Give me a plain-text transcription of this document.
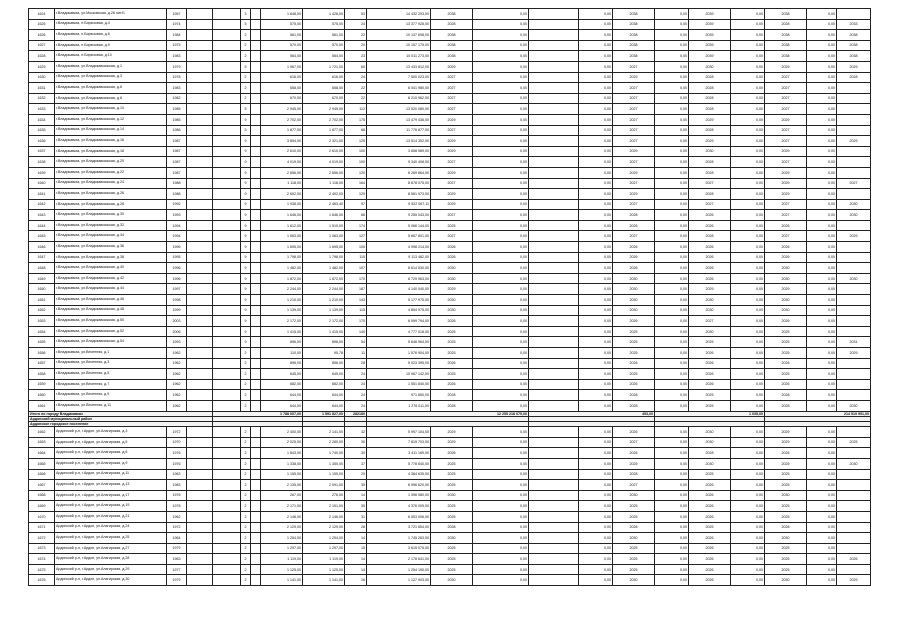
1624	г.Владикавказ, ул.Московская, д.26 лит.Б	1957			3		1 648,00	1 426,00	53	14 432 293,00	2038	0,00		0,00	2038	0,00	2039	0,00	2038	0,00	
1625	г.Владикавказ, п.Бирюзовая, д.4	1974			5		575,00	575,00	24	13 377 928,00	2028	0,00		0,00	2038	0,00	2039	0,00	2028	0,00	2033
1626	г.Владикавказ, п.Бирюзовая, д.6	1984			2		561,00	561,00	22	10 137 698,00	2038	0,00		0,00	2038	0,00	2039	0,00	2038	0,00	2038
1627	г.Владикавказ, п.Бирюзовая, д.9	1975			2		570,00	570,00	20	10 157 175,00	2038	0,00		0,00	2038	0,00	2039	0,00	2038	0,00	2038
1628	г.Владикавказ, п.Бирюзовая, д.10	1983			2		564,00	564,00	23	10 011 273,00	2038	0,00		0,00	2038	0,00	2039	0,00	2038	0,00	2038
1629	г.Владикавказ, ул.Владикавказская, д.1	1979			5		1 967,00	1 721,00	60	13 433 812,00	2029	0,00		0,00	2027	0,00	2030	0,00	2029	0,00	2029
1630	г.Владикавказ, ул.Владикавказская, д.3	1978			2		616,00	616,00	24	7 500 023,00	2027	0,00		0,00	2029	0,00	2028	0,00	2027	0,00	2028
1631	г.Владикавказ, ул.Владикавказская, д.6	1983			2		658,00	658,00	22	6 041 980,00	2027	0,00		0,00	2027	0,00	2028	0,00	2027	0,00	
1632	г.Владикавказ, ул.Владикавказская, д.8	1982			2		670,00	670,00	22	6 210 962,00	2027	0,00		0,00	2027	0,00	2028	0,00	2027	0,00	
1633	г.Владикавказ, ул.Владикавказская, д.10	1985			5		2 945,00	2 945,00	112	13 520 080,00	2027	0,00		0,00	2027	0,00	2028	0,00	2027	0,00	
1634	г.Владикавказ, ул.Владикавказская, д.12	1985			9		2 702,00	2 702,00	175	13 479 436,00	2029	0,00		0,00	2027	0,00	2029	0,00	2029	0,00	
1635	г.Владикавказ, ул.Владикавказская, д.14	1986			5		1 877,00	1 877,00	68	11 776 877,00	2027	0,00		0,00	2027	0,00	2028	0,00	2027	0,00	
1636	г.Владикавказ, ул.Владикавказская, д.16	1987			9		3 894,00	2 321,00	125	13 514 352,00	2029	0,00		0,00	2027	0,00	2029	0,00	2027	0,00	2029
1637	г.Владикавказ, ул.Владикавказская, д.18	1987			9		2 610,00	2 610,00	100	3 658 989,00	2029	0,00		0,00	2029	0,00	2030	0,00	2029	0,00	
1638	г.Владикавказ, ул.Владикавказская, д.20	1987			9		4 019,00	4 019,00	100	9 340 408,00	2027	0,00		0,00	2027	0,00	2028	0,00	2027	0,00	
1639	г.Владикавказ, ул.Владикавказская, д.22	1987			9		2 656,00	2 656,00	120	6 269 864,00	2029	0,00		0,00	2029	0,00	2028	0,00	2029	0,00	
1640	г.Владикавказ, ул.Владикавказская, д.24	1988			9		1 118,00	1 118,00	164	8 678 075,00	2027	0,00		0,00	2027	0,00	2027	0,00	2029	0,00	2027
1641	г.Владикавказ, ул.Владикавказская, д.26	1988			9		2 602,00	2 402,00	129	8 561 973,00	2029	0,00		0,00	2029	0,00	2028	0,00	2029	0,00	
1642	г.Владикавказ, ул.Владикавказская, д.28	1992			9		1 938,00	2 463,40	97	9 522 067,11	2029	0,00		0,00	2027	0,00	2027	0,00	2027	0,00	2030
1643	г.Владикавказ, ул.Владикавказская, д.30	1993			9		1 646,00	1 646,00	68	9 255 043,00	2027	0,00		0,00	2028	0,00	2026	0,00	2027	0,00	2030
1644	г.Владикавказ, ул.Владикавказская, д.32	1994			9		1 612,00	1 510,00	174	5 066 144,00	2025	0,00		0,00	2026	0,00	2026	0,00	2026	0,00	
1645	г.Владикавказ, ул.Владикавказская, д.34	1994			9		1 063,00	1 063,00	127	5 667 801,00	2027	0,00		0,00	2027	0,00	2028	0,00	2027	0,00	2029
1646	г.Владикавказ, ул.Владикавказская, д.36	1995			9		1 695,00	1 695,00	105	4 998 214,00	2026	0,00		0,00	2026	0,00	2026	0,00	2026	0,00	
1647	г.Владикавказ, ул.Владикавказская, д.38	1995			9		1 798,00	1 798,00	115	9 113 482,00	2026	0,00		0,00	2026	0,00	2026	0,00	2026	0,00	
1648	г.Владикавказ, ул.Владикавказская, д.40	1996			9		1 482,00	1 482,00	107	8 614 530,00	2030	0,00		0,00	2026	0,00	2026	0,00	2030	0,00	
1649	г.Владикавказ, ул.Владикавказская, д.42	1996			9		1 872,00	1 872,00	170	8 729 963,00	2030	0,00		0,00	2030	0,00	2026	0,00	2030	0,00	2030
1650	г.Владикавказ, ул.Владикавказская, д.44	1997			9		2 244,00	2 244,00	187	4 140 040,00	2029	0,00		0,00	2030	0,00	2029	0,00	2029	0,00	
1651	г.Владикавказ, ул.Владикавказская, д.46	1998			9		1 210,00	1 210,00	143	5 177 975,00	2030	0,00		0,00	2030	0,00	2030	0,00	2030	0,00	
1652	г.Владикавказ, ул.Владикавказская, д.48	1999			9		1 139,00	1 139,00	115	4 854 975,00	2030	0,00		0,00	2030	0,00	2030	0,00	2030	0,00	
1653	г.Владикавказ, ул.Владикавказская, д.50	2003			9		2 172,00	2 172,00	170	6 599 794,00	2026	0,00		0,00	2026	0,00	2027	0,00	2026	0,00	
1654	г.Владикавказ, ул.Владикавказская, д.52	2006			9		1 415,00	1 415,00	140	4 777 018,00	2025	0,00		0,00	2025	0,00	2030	0,00	2025	0,00	
1655	г.Владикавказ, ул.Владикавказская, д.54	1993			9		896,00	896,00	54	5 646 964,00	2025	0,00		0,00	2025	0,00	2025	0,00	2025	0,00	2031
1656	г.Владикавказ, ул.Весенняя, д.1	1962			2		110,00	95,78	11	1 576 904,00	2025	0,00		0,00	2025	0,00	2026	0,00	2025	0,00	2029
1657	г.Владикавказ, ул.Весенняя, д.3	1962			2		896,00	896,00	28	5 023 395,00	2026	0,00		0,00	2026	0,00	2026	0,00	2026	0,00	
1658	г.Владикавказ, ул.Весенняя, д.5	1962			2		645,00	645,00	24	10 067 142,00	2025	0,00		0,00	2025	0,00	2026	0,00	2025	0,00	
1659	г.Владикавказ, ул.Весенняя, д.7	1962			2		682,00	682,00	24	1 551 840,00	2026	0,00		0,00	2026	0,00	2026	0,00	2026	0,00	
1660	г.Владикавказ, ул.Весенняя, д.9	1962			2		644,00	644,00	24	971 650,00	2028	0,00		0,00	2028	0,00	2025	0,00	2028	0,00	
1661	г.Владикавказ, ул.Весенняя, д.11	1962			2		644,00	644,00	24	1 276 011,00	2028	0,00		0,00	2028	0,00	2025	0,00	2028	0,00	2030
Итого по городу Владикавказ				1 788 007,00				1 591 827,00	282180	12 255 218 075,00			453,00			1 035,00			214 519 991,00		
Ардонский муниципальный район																					
Ардонское городское поселение																					
1662	Ардонский р-н, г.Ардон, ул.Алагирская, д.3	1972			2		2 400,00	2 141,00	32	5 997 104,00	2029	0,00		0,00	2026	0,00	2030	0,00	2029	0,00	
1663	Ардонский р-н, г.Ардон, ул.Алагирская, д.5	1970			2		2 025,00	2 280,00	30	7 815 703,00	2029	0,00		0,00	2027	0,00	2030	0,00	2029	0,00	2025
1664	Ардонский р-н, г.Ардон, ул.Алагирская, д.6	1976			2		1 843,00	1 740,00	30	3 411 169,00	2026	0,00		0,00	2026	0,00	2028	0,00	2026	0,00	
1665	Ардонский р-н, г.Ардон, ул.Алагирская, д.9	1976			2		1 338,00	1 350,00	37	5 778 640,00	2025	0,00		0,00	2025	0,00	2030	0,00	2025	0,00	2030
1666	Ардонский р-н, г.Ардон, ул.Алагирская, д.11	1963			2		1 155,00	1 155,00	29	4 384 635,00	2025	0,00		0,00	2028	0,00	2025	0,00	2025	0,00	
1667	Ардонский р-н, г.Ардон, ул.Алагирская, д.13	1983			2		2 135,00	2 091,00	35	6 996 620,00	2025	0,00		0,00	2027	0,00	2026	0,00	2025	0,00	
1668	Ардонский р-н, г.Ардон, ул.Алагирская, д.17	1976			2		267,00	276,00	14	1 396 980,00	2030	0,00		0,00	2030	0,00	2026	0,00	2030	0,00	
1669	Ардонский р-н, г.Ардон, ул.Алагирская, д.19	1978			2		2 171,00	2 151,00	35	4 376 005,00	2025	0,00		0,00	2025	0,00	2026	0,00	2025	0,00	
1670	Ардонский р-н, г.Ардон, ул.Алагирская, д.21	1962			2		2 146,00	2 146,00	31	6 503 006,00	2025	0,00		0,00	2025	0,00	2026	0,00	2025	0,00	
1671	Ардонский р-н, г.Ардон, ул.Алагирская, д.24	1972			2		2 129,00	2 129,00	28	3 721 654,00	2028	0,00		0,00	2028	0,00	2025	0,00	2028	0,00	
1672	Ардонский р-н, г.Ардон, ул.Алагирская, д.25	1964			2		1 254,00	1 254,00	14	1 745 263,00	2030	0,00		0,00	2030	0,00	2026	0,00	2030	0,00	
1673	Ардонский р-н, г.Ардон, ул.Алагирская, д.27	1979			2		1 297,00	1 297,00	15	3 615 075,00	2025	0,00		0,00	2025	0,00	2026	0,00	2025	0,00	
1674	Ардонский р-н, г.Ардон, ул.Алагирская, д.28	1963			2		1 119,00	1 119,00	14	2 178 641,00	2025	0,00		0,00	2025	0,00	2026	0,00	2025	0,00	2026
1675	Ардонский р-н, г.Ардон, ул.Алагирская, д.29	1977			2		1 125,00	1 125,00	14	1 254 190,00	2025	0,00		0,00	2025	0,00	2026	0,00	2025	0,00	
1676	Ардонский р-н, г.Ардон, ул.Алагирская, д.30	1979			2		1 141,00	1 141,00	16	1 127 903,00	2030	0,00		0,00	2030	0,00	2026	0,00	2030	0,00	2029
